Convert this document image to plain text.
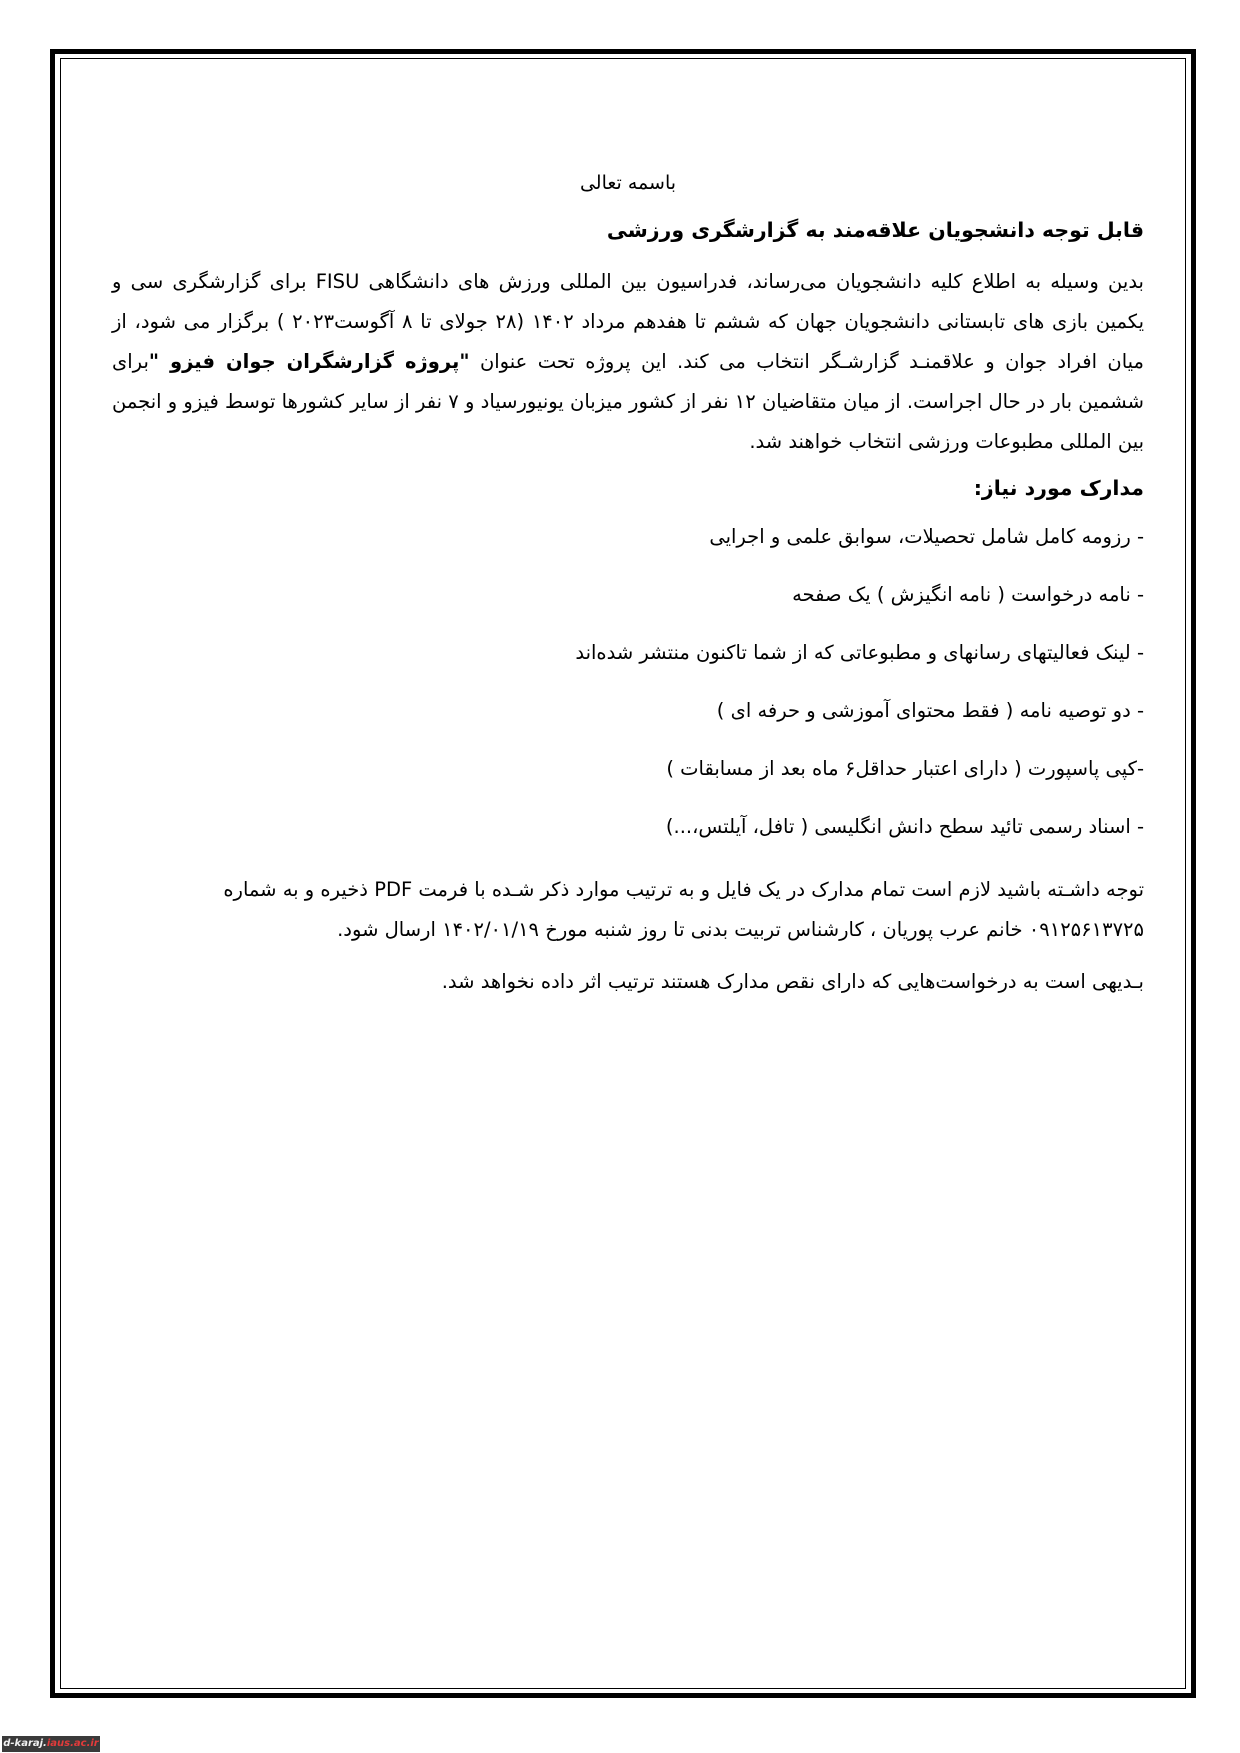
باسمه تعالی

قابل توجه دانشجویان علاقه‌مند به گزارشگری ورزشی

بدین وسیله به اطلاع کلیه دانشجویان می‌رساند، فدراسیون بین المللی ورزش های دانشگاهی FISU برای گزارشگری سی و یکمین بازی های تابستانی دانشجویان جهان که ششم تا هفدهم مرداد ۱۴۰۲ (۲۸ جولای تا ۸ آگوست۲۰۲۳ ) برگزار می شود، از میان افراد جوان و علاقمنـد گزارشـگر انتخاب می کند. این پروژه تحت عنوان "پروژه گزارشگران جوان فیزو "برای ششمین بار در حال اجراست. از میان متقاضیان ۱۲ نفر از کشور میزبان یونیورسیاد و ۷ نفر از سایر کشورها توسط فیزو و انجمن بین المللی مطبوعات ورزشی انتخاب خواهند شد.

مدارک مورد نیاز:

- رزومه کامل شامل تحصیلات، سوابق علمی و اجرایی

- نامه درخواست ( نامه انگیزش ) یک صفحه

- لینک فعالیتهای رسانهای و مطبوعاتی که از شما تاکنون منتشر شده‌اند

- دو توصیه نامه ( فقط محتوای آموزشی و حرفه ای )

-کپی پاسپورت ( دارای اعتبار حداقل۶ ماه بعد از مسابقات )

- اسناد رسمی تائید سطح دانش انگلیسی ( تافل، آیلتس،...)

توجه داشـته باشید لازم است تمام مدارک در یک فایل و به ترتیب موارد ذکر شـده با فرمت PDF ذخیره و به شماره ۰۹۱۲۵۶۱۳۷۲۵ خانم عرب پوریان ، کارشناس تربیت بدنی تا روز شنبه مورخ ۱۴۰۲/۰۱/۱۹ ارسال شود.

بـدیهی است به درخواست‌هایی که دارای نقص مدارک هستند ترتیب اثر داده نخواهد شد.

d-karaj.iaus.ac.ir
